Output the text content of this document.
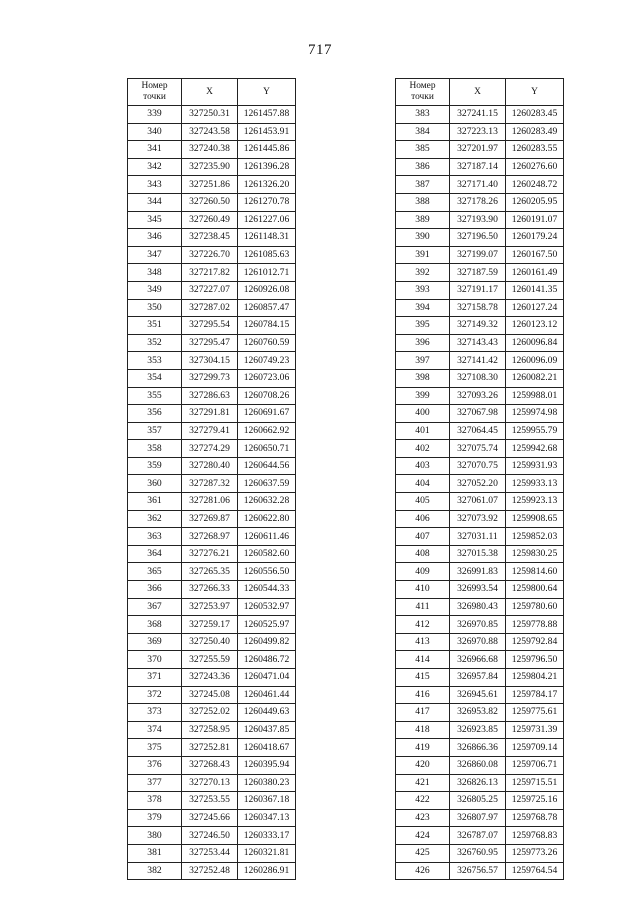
717
Номер
точки	X	Y
339	327250.31	1261457.88
340	327243.58	1261453.91
341	327240.38	1261445.86
342	327235.90	1261396.28
343	327251.86	1261326.20
344	327260.50	1261270.78
345	327260.49	1261227.06
346	327238.45	1261148.31
347	327226.70	1261085.63
348	327217.82	1261012.71
349	327227.07	1260926.08
350	327287.02	1260857.47
351	327295.54	1260784.15
352	327295.47	1260760.59
353	327304.15	1260749.23
354	327299.73	1260723.06
355	327286.63	1260708.26
356	327291.81	1260691.67
357	327279.41	1260662.92
358	327274.29	1260650.71
359	327280.40	1260644.56
360	327287.32	1260637.59
361	327281.06	1260632.28
362	327269.87	1260622.80
363	327268.97	1260611.46
364	327276.21	1260582.60
365	327265.35	1260556.50
366	327266.33	1260544.33
367	327253.97	1260532.97
368	327259.17	1260525.97
369	327250.40	1260499.82
370	327255.59	1260486.72
371	327243.36	1260471.04
372	327245.08	1260461.44
373	327252.02	1260449.63
374	327258.95	1260437.85
375	327252.81	1260418.67
376	327268.43	1260395.94
377	327270.13	1260380.23
378	327253.55	1260367.18
379	327245.66	1260347.13
380	327246.50	1260333.17
381	327253.44	1260321.81
382	327252.48	1260286.91
Номер
точки	X	Y
383	327241.15	1260283.45
384	327223.13	1260283.49
385	327201.97	1260283.55
386	327187.14	1260276.60
387	327171.40	1260248.72
388	327178.26	1260205.95
389	327193.90	1260191.07
390	327196.50	1260179.24
391	327199.07	1260167.50
392	327187.59	1260161.49
393	327191.17	1260141.35
394	327158.78	1260127.24
395	327149.32	1260123.12
396	327143.43	1260096.84
397	327141.42	1260096.09
398	327108.30	1260082.21
399	327093.26	1259988.01
400	327067.98	1259974.98
401	327064.45	1259955.79
402	327075.74	1259942.68
403	327070.75	1259931.93
404	327052.20	1259933.13
405	327061.07	1259923.13
406	327073.92	1259908.65
407	327031.11	1259852.03
408	327015.38	1259830.25
409	326991.83	1259814.60
410	326993.54	1259800.64
411	326980.43	1259780.60
412	326970.85	1259778.88
413	326970.88	1259792.84
414	326966.68	1259796.50
415	326957.84	1259804.21
416	326945.61	1259784.17
417	326953.82	1259775.61
418	326923.85	1259731.39
419	326866.36	1259709.14
420	326860.08	1259706.71
421	326826.13	1259715.51
422	326805.25	1259725.16
423	326807.97	1259768.78
424	326787.07	1259768.83
425	326760.95	1259773.26
426	326756.57	1259764.54
